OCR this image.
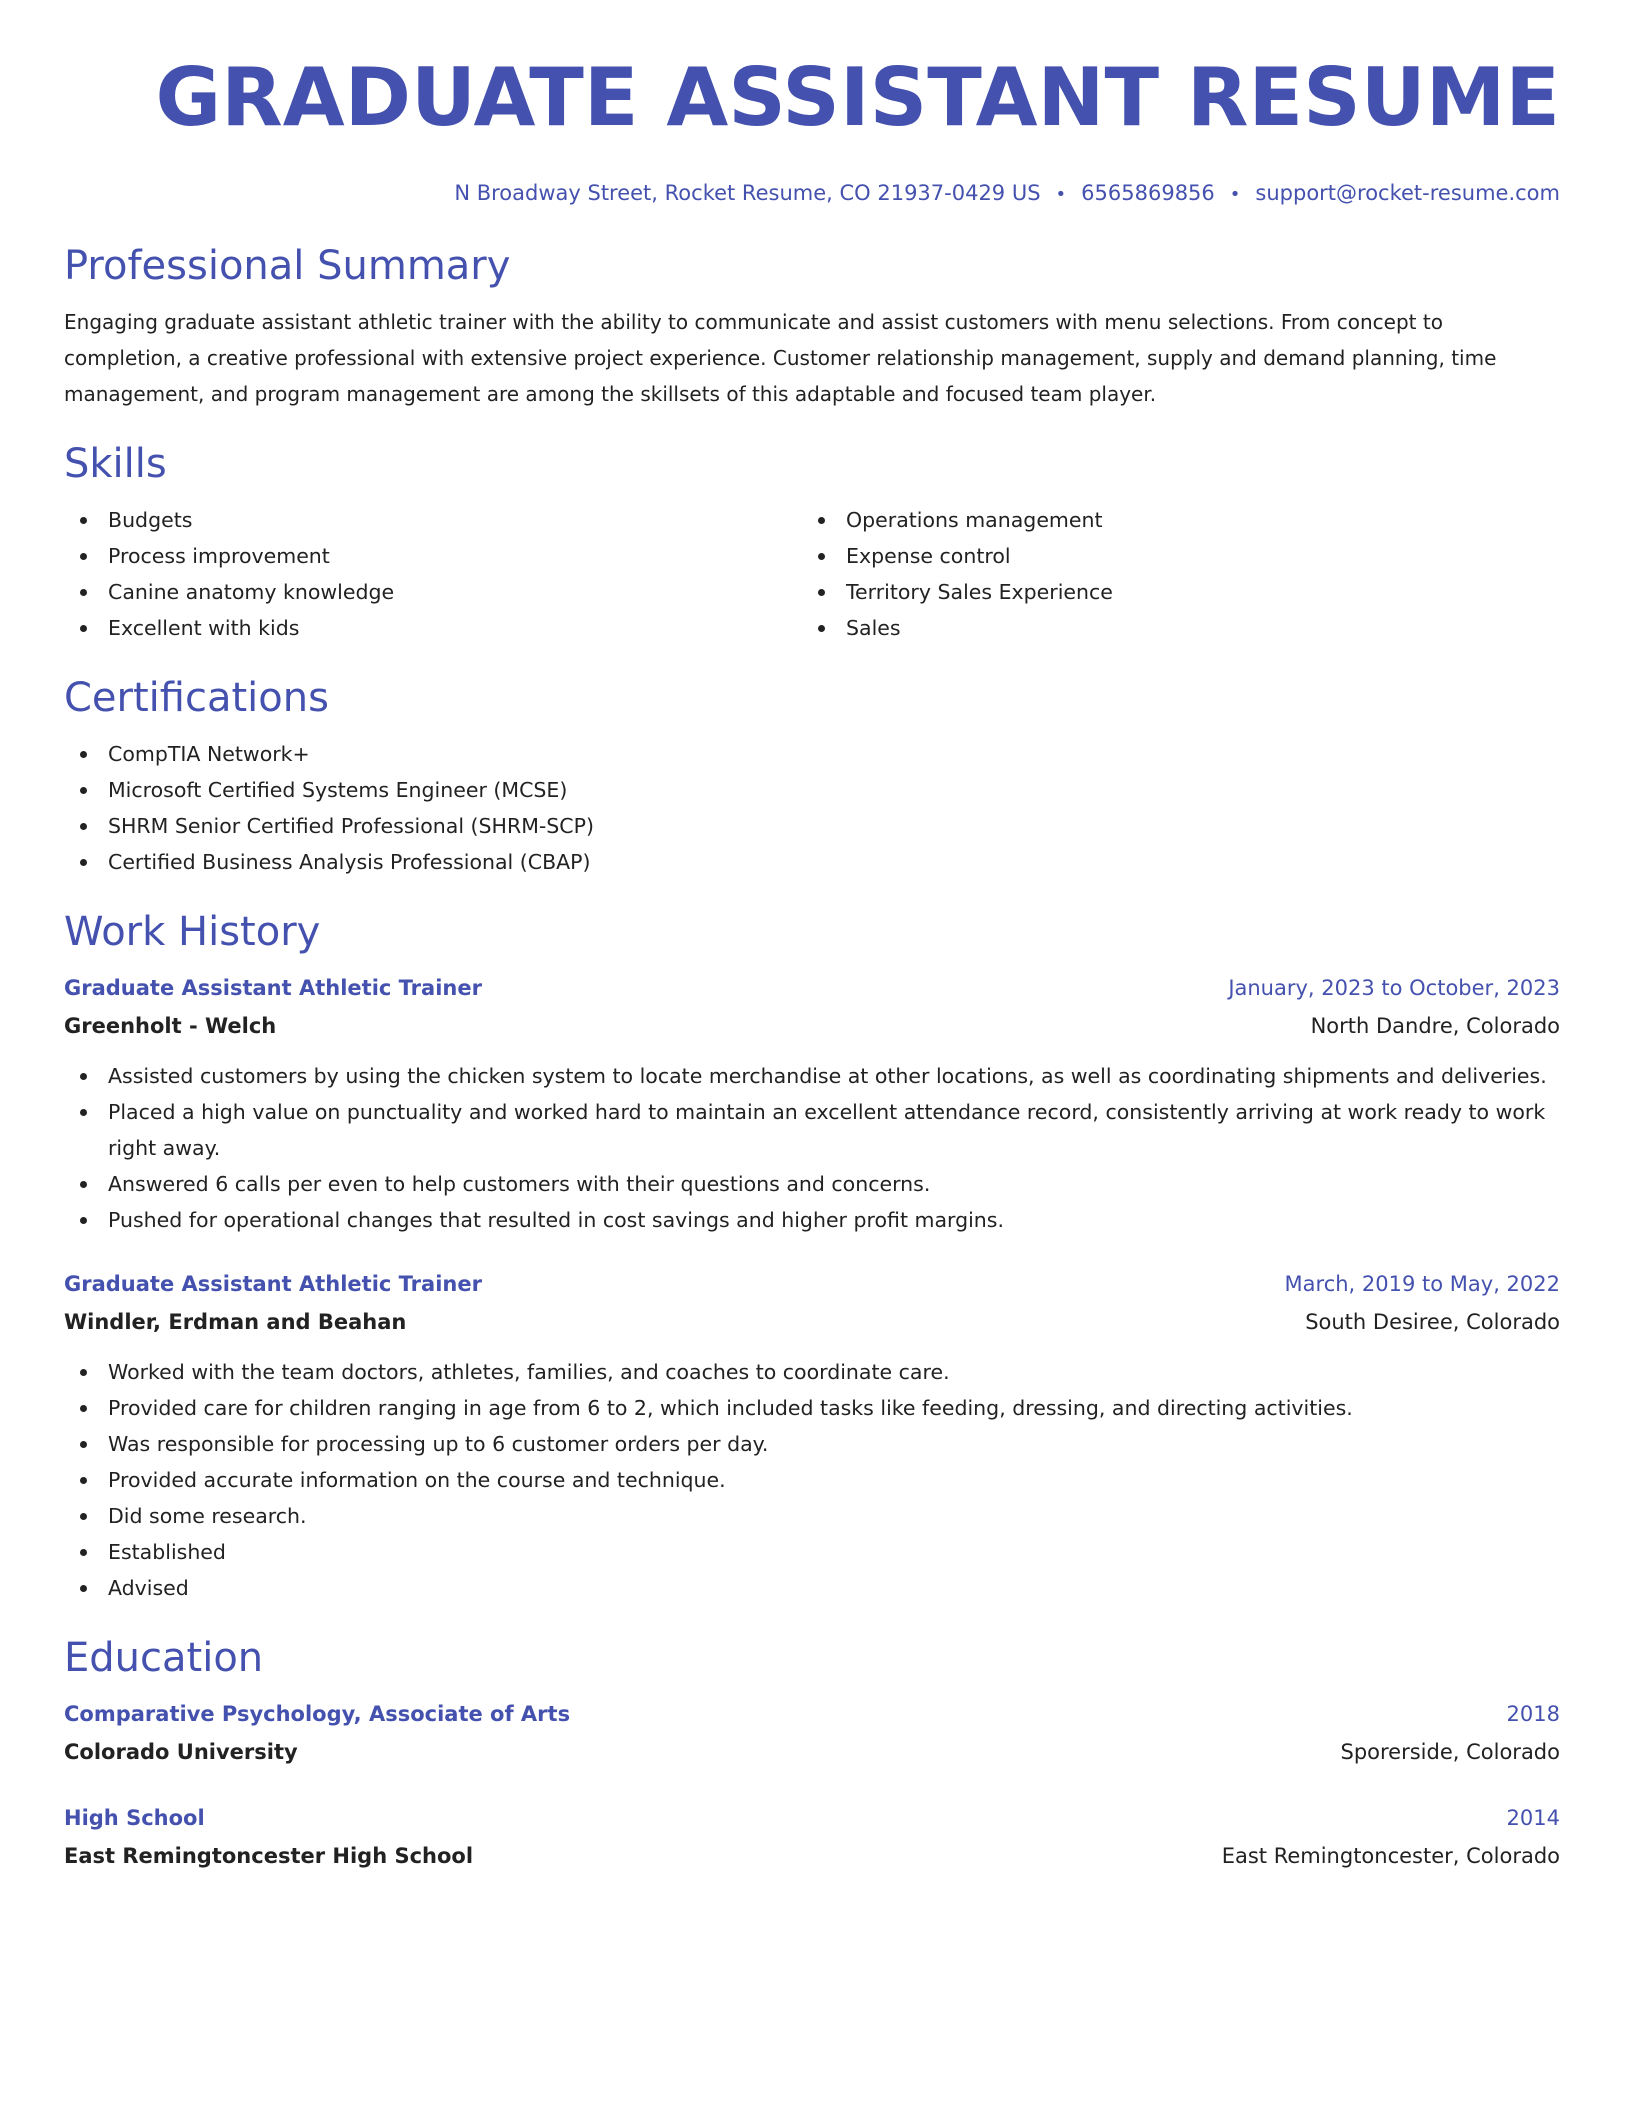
GRADUATE ASSISTANT RESUME
N Broadway Street, Rocket Resume, CO 21937-0429 US • 6565869856 • support@rocket-resume.com
Professional Summary
Engaging graduate assistant athletic trainer with the ability to communicate and assist customers with menu selections. From concept to completion, a creative professional with extensive project experience. Customer relationship management, supply and demand planning, time management, and program management are among the skillsets of this adaptable and focused team player.
Skills
Budgets
Process improvement
Canine anatomy knowledge
Excellent with kids
Operations management
Expense control
Territory Sales Experience
Sales
Certifications
CompTIA Network+
Microsoft Certified Systems Engineer (MCSE)
SHRM Senior Certified Professional (SHRM-SCP)
Certified Business Analysis Professional (CBAP)
Work History
Graduate Assistant Athletic Trainer	January, 2023 to October, 2023
Greenholt - Welch	North Dandre, Colorado
Assisted customers by using the chicken system to locate merchandise at other locations, as well as coordinating shipments and deliveries.
Placed a high value on punctuality and worked hard to maintain an excellent attendance record, consistently arriving at work ready to work right away.
Answered 6 calls per even to help customers with their questions and concerns.
Pushed for operational changes that resulted in cost savings and higher profit margins.
Graduate Assistant Athletic Trainer	March, 2019 to May, 2022
Windler, Erdman and Beahan	South Desiree, Colorado
Worked with the team doctors, athletes, families, and coaches to coordinate care.
Provided care for children ranging in age from 6 to 2, which included tasks like feeding, dressing, and directing activities.
Was responsible for processing up to 6 customer orders per day.
Provided accurate information on the course and technique.
Did some research.
Established
Advised
Education
Comparative Psychology, Associate of Arts	2018
Colorado University	Sporerside, Colorado
High School	2014
East Remingtoncester High School	East Remingtoncester, Colorado
